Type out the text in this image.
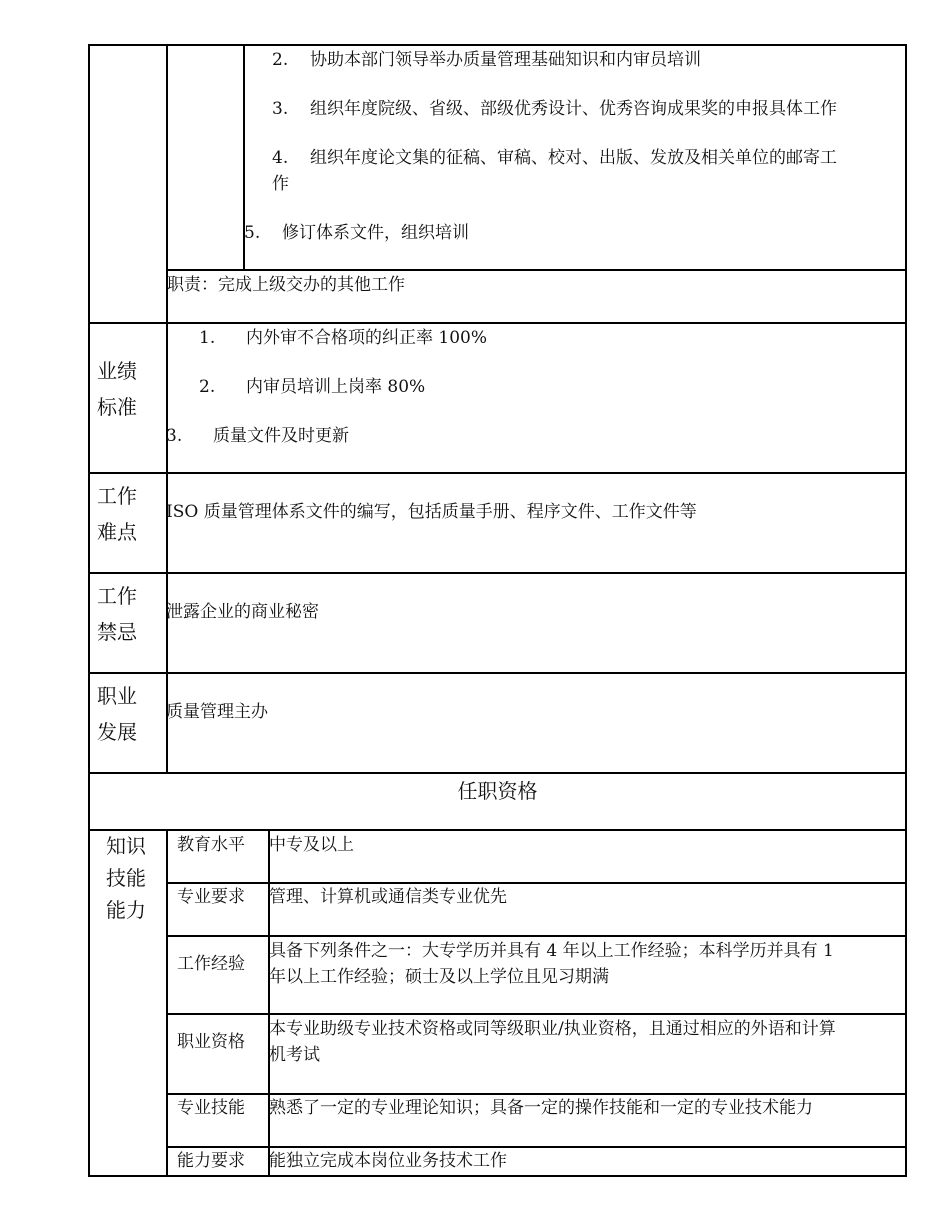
2. 协助本部门领导举办质量管理基础知识和内审员培训
3. 组织年度院级、省级、部级优秀设计、优秀咨询成果奖的申报具体工作
4. 组织年度论文集的征稿、审稿、校对、出版、发放及相关单位的邮寄工
作
5. 修订体系文件，组织培训
职责：完成上级交办的其他工作
业绩
标准
1. 内外审不合格项的纠正率 100%
2. 内审员培训上岗率 80%
3. 质量文件及时更新
工作
难点
ISO 质量管理体系文件的编写，包括质量手册、程序文件、工作文件等
工作
禁忌
泄露企业的商业秘密
职业
发展
质量管理主办
任职资格
知识
技能
能力
教育水平 中专及以上
专业要求 管理、计算机或通信类专业优先
工作经验
具备下列条件之一：大专学历并具有 4 年以上工作经验；本科学历并具有 1
年以上工作经验；硕士及以上学位且见习期满
职业资格
本专业助级专业技术资格或同等级职业/执业资格，且通过相应的外语和计算
机考试
专业技能 熟悉了一定的专业理论知识；具备一定的操作技能和一定的专业技术能力
能力要求 能独立完成本岗位业务技术工作
